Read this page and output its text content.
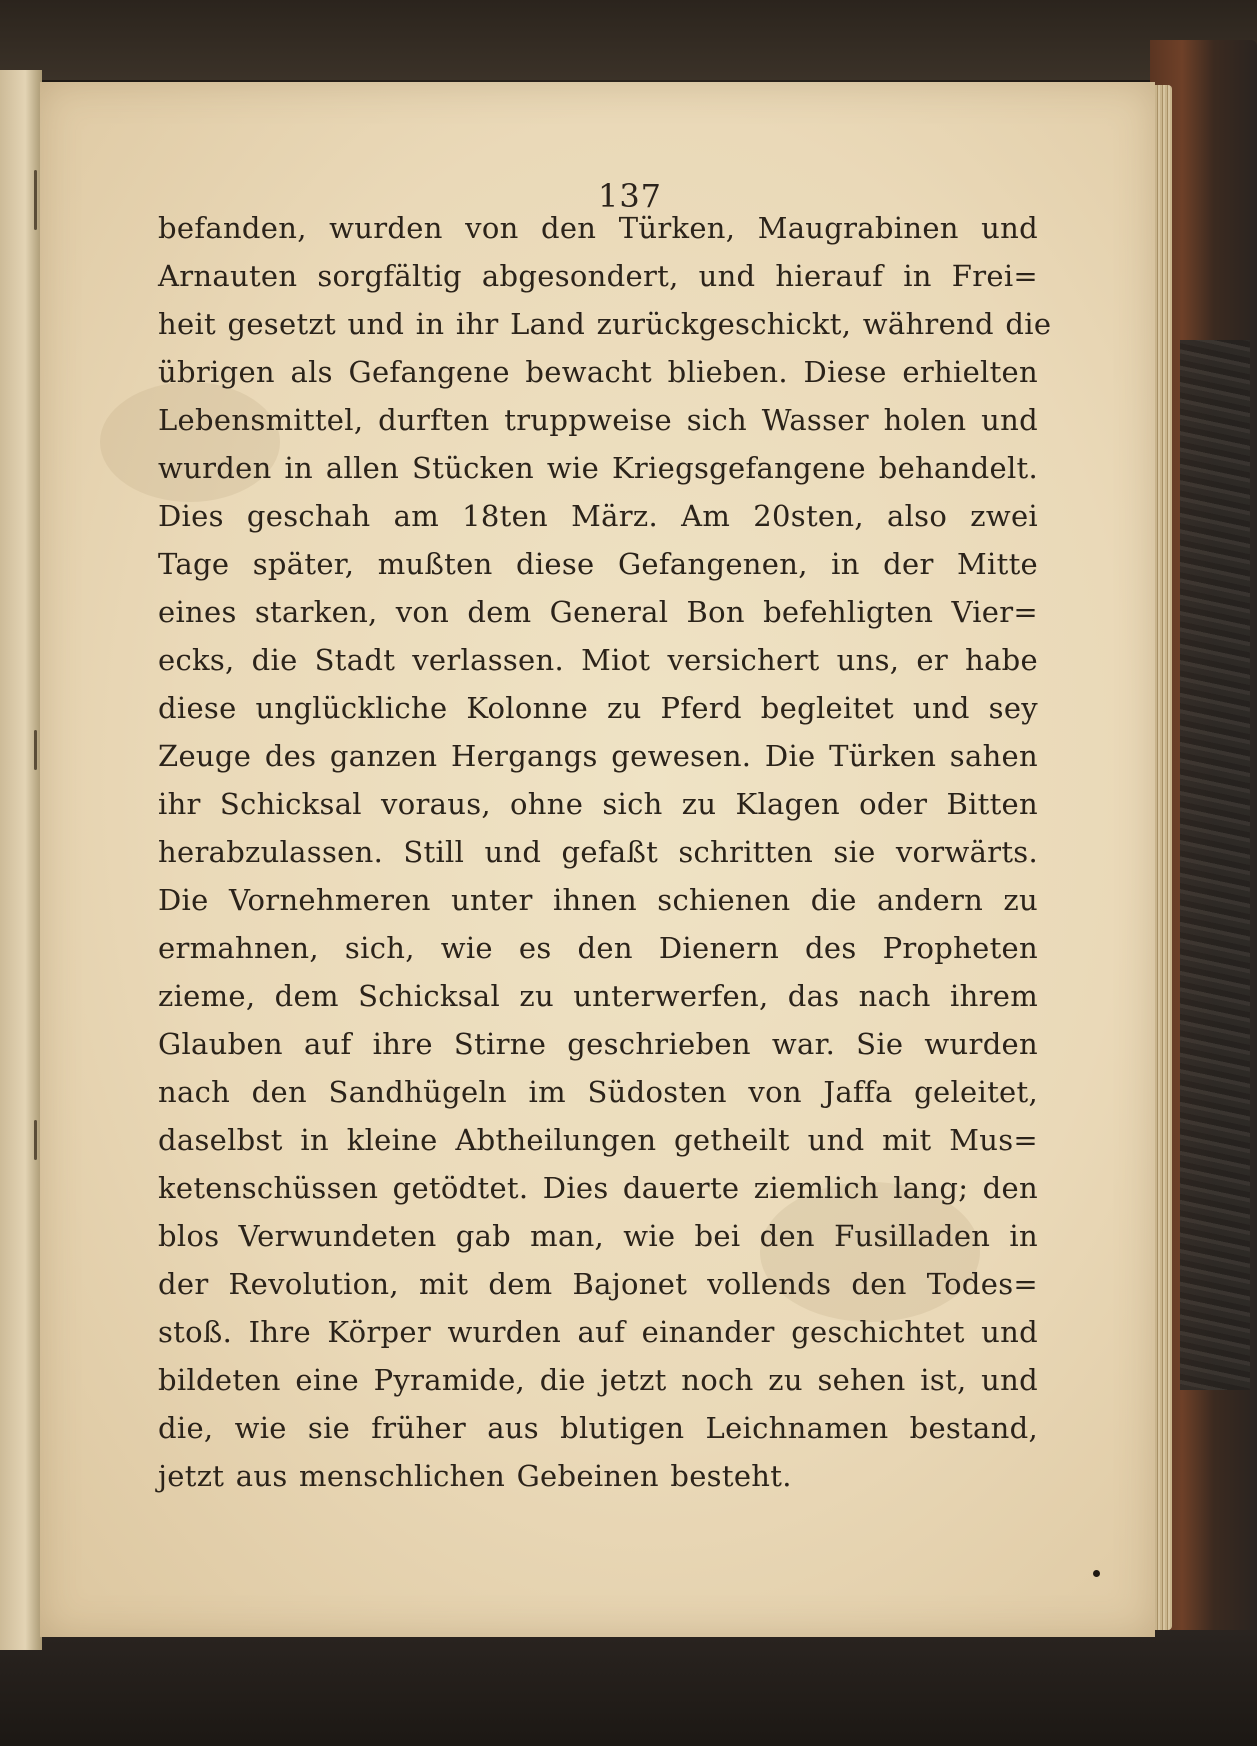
137
befanden, wurden von den Türken, Maugrabinen und
Arnauten sorgfältig abgesondert, und hierauf in Frei=
heit gesetzt und in ihr Land zurückgeschickt, während die
übrigen als Gefangene bewacht blieben. Diese erhielten
Lebensmittel, durften truppweise sich Wasser holen und
wurden in allen Stücken wie Kriegsgefangene behandelt.
Dies geschah am 18ten März. Am 20sten, also zwei
Tage später, mußten diese Gefangenen, in der Mitte
eines starken, von dem General Bon befehligten Vier=
ecks, die Stadt verlassen. Miot versichert uns, er habe
diese unglückliche Kolonne zu Pferd begleitet und sey
Zeuge des ganzen Hergangs gewesen. Die Türken sahen
ihr Schicksal voraus, ohne sich zu Klagen oder Bitten
herabzulassen. Still und gefaßt schritten sie vorwärts.
Die Vornehmeren unter ihnen schienen die andern zu
ermahnen, sich, wie es den Dienern des Propheten
zieme, dem Schicksal zu unterwerfen, das nach ihrem
Glauben auf ihre Stirne geschrieben war. Sie wurden
nach den Sandhügeln im Südosten von Jaffa geleitet,
daselbst in kleine Abtheilungen getheilt und mit Mus=
ketenschüssen getödtet. Dies dauerte ziemlich lang; den
blos Verwundeten gab man, wie bei den Fusilladen in
der Revolution, mit dem Bajonet vollends den Todes=
stoß. Ihre Körper wurden auf einander geschichtet und
bildeten eine Pyramide, die jetzt noch zu sehen ist, und
die, wie sie früher aus blutigen Leichnamen bestand,
jetzt aus menschlichen Gebeinen besteht.
